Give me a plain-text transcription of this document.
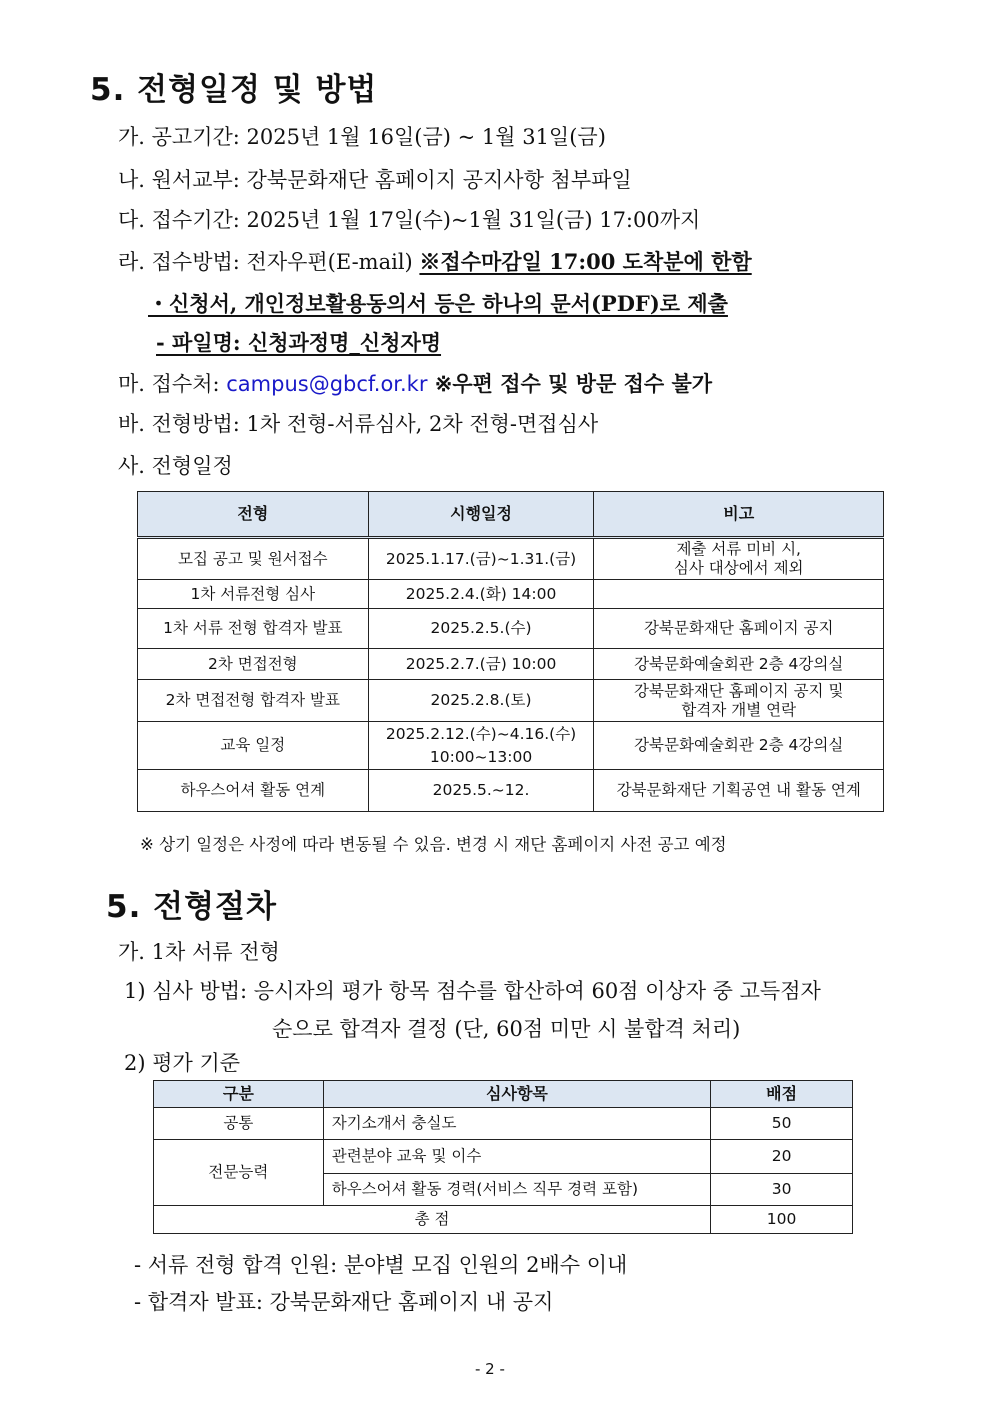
5. 전형일정 및 방법
가. 공고기간: 2025년 1월 16일(금) ~ 1월 31일(금)
나. 원서교부: 강북문화재단 홈페이지 공지사항 첨부파일
다. 접수기간: 2025년 1월 17일(수)~1월 31일(금) 17:00까지
라. 접수방법: 전자우편(E-mail) ※접수마감일 17:00 도착분에 한함
・신청서, 개인정보활용동의서 등은 하나의 문서(PDF)로 제출
- 파일명: 신청과정명_신청자명
마. 접수처: campus@gbcf.or.kr ※우편 접수 및 방문 접수 불가
바. 전형방법: 1차 전형-서류심사, 2차 전형-면접심사
사. 전형일정
전형	시행일정	비고
모집 공고 및 원서접수	2025.1.17.(금)~1.31.(금)	제출 서류 미비 시,
심사 대상에서 제외

1차 서류전형 심사	2025.2.4.(화) 14:00	
1차 서류 전형 합격자 발표	2025.2.5.(수)	강북문화재단 홈페이지 공지
2차 면접전형	2025.2.7.(금) 10:00	강북문화예술회관 2층 4강의실
2차 면접전형 합격자 발표	2025.2.8.(토)	강북문화재단 홈페이지 공지 및
합격자 개별 연락

교육 일정	2025.2.12.(수)~4.16.(수)
10:00~13:00	강북문화예술회관 2층 4강의실
하우스어셔 활동 연계	2025.5.~12.	강북문화재단 기획공연 내 활동 연계
※ 상기 일정은 사정에 따라 변동될 수 있음. 변경 시 재단 홈페이지 사전 공고 예정
5. 전형절차
가. 1차 서류 전형
1) 심사 방법: 응시자의 평가 항목 점수를 합산하여 60점 이상자 중 고득점자
순으로 합격자 결정 (단, 60점 미만 시 불합격 처리)
2) 평가 기준
구분	심사항목	배점
공통	자기소개서 충실도	50
전문능력	관련분야 교육 및 이수	20
	하우스어셔 활동 경력(서비스 직무 경력 포함)	30
총 점		100
- 서류 전형 합격 인원: 분야별 모집 인원의 2배수 이내
- 합격자 발표: 강북문화재단 홈페이지 내 공지
- 2 -
